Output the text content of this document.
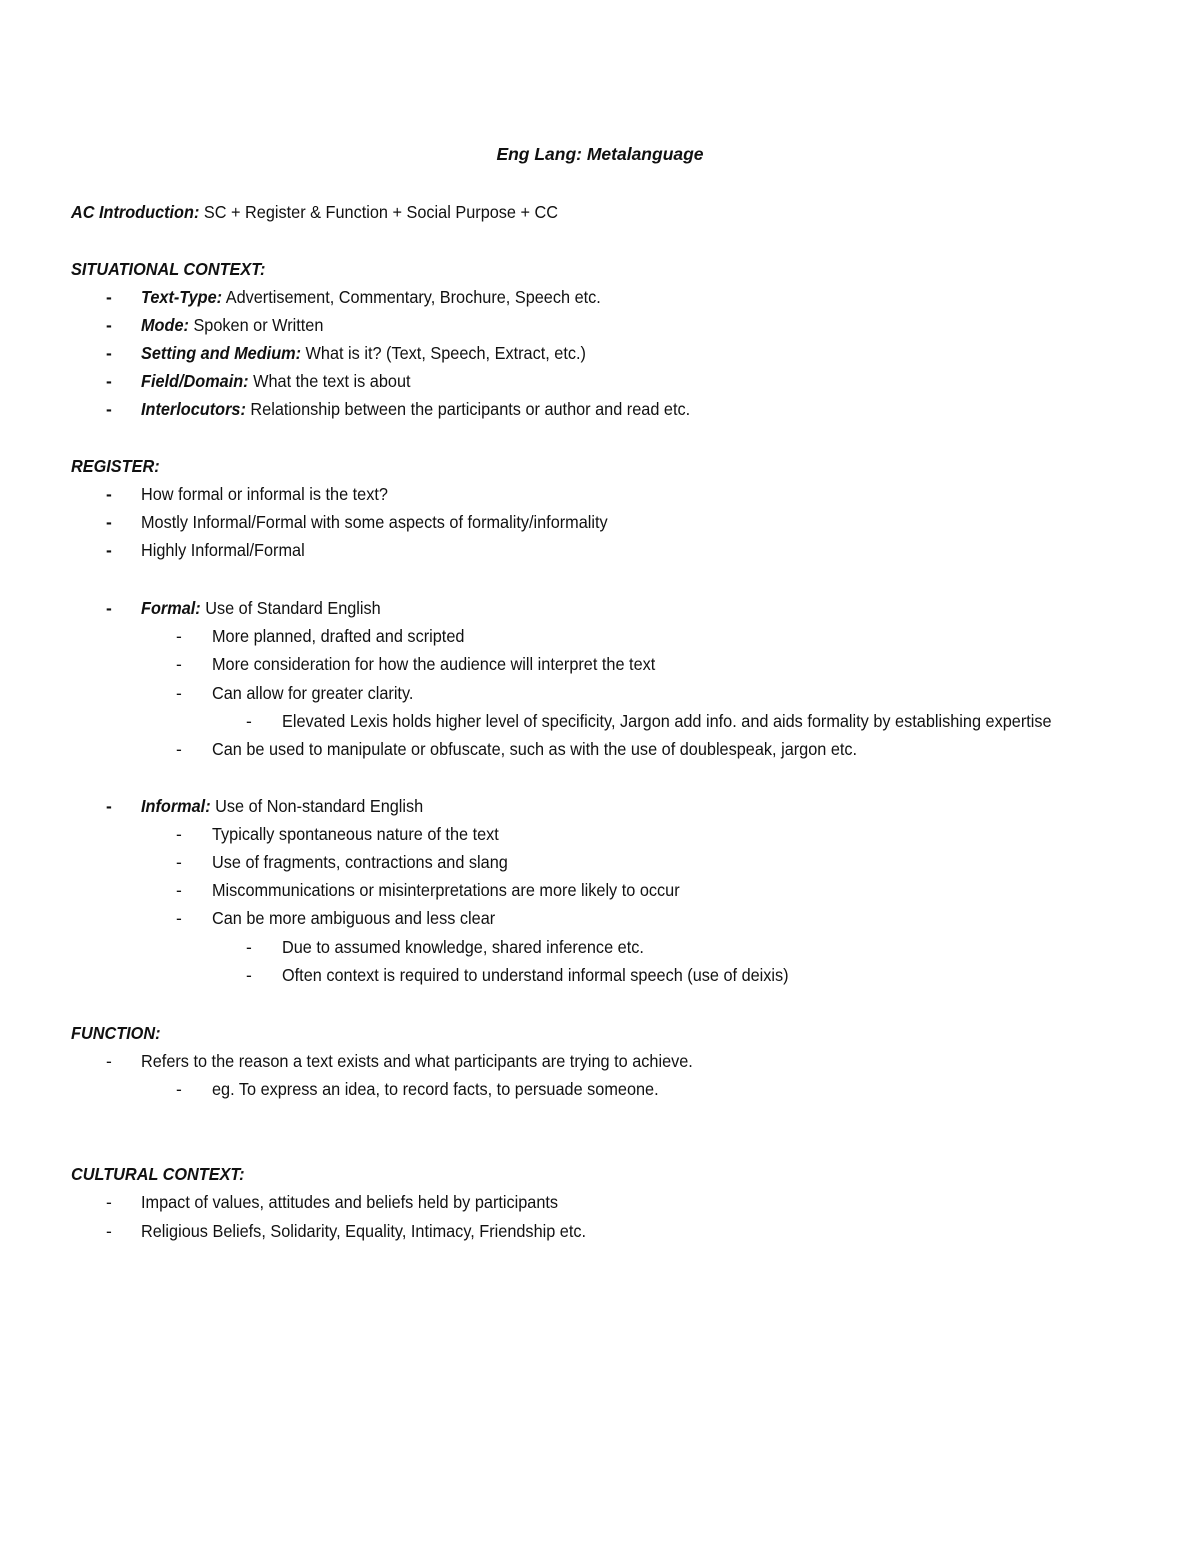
Eng Lang: Metalanguage
AC Introduction: SC + Register & Function + Social Purpose + CC
SITUATIONAL CONTEXT:
- Text-Type: Advertisement, Commentary, Brochure, Speech etc.
- Mode: Spoken or Written
- Setting and Medium: What is it? (Text, Speech, Extract, etc.)
- Field/Domain: What the text is about
- Interlocutors: Relationship between the participants or author and read etc.
REGISTER:
- How formal or informal is the text?
- Mostly Informal/Formal with some aspects of formality/informality
- Highly Informal/Formal
- Formal: Use of Standard English
- More planned, drafted and scripted
- More consideration for how the audience will interpret the text
- Can allow for greater clarity.
- Elevated Lexis holds higher level of specificity, Jargon add info. and aids formality by establishing expertise
- Can be used to manipulate or obfuscate, such as with the use of doublespeak, jargon etc.
- Informal: Use of Non-standard English
- Typically spontaneous nature of the text
- Use of fragments, contractions and slang
- Miscommunications or misinterpretations are more likely to occur
- Can be more ambiguous and less clear
- Due to assumed knowledge, shared inference etc.
- Often context is required to understand informal speech (use of deixis)
FUNCTION:
- Refers to the reason a text exists and what participants are trying to achieve.
- eg. To express an idea, to record facts, to persuade someone.
CULTURAL CONTEXT:
- Impact of values, attitudes and beliefs held by participants
- Religious Beliefs, Solidarity, Equality, Intimacy, Friendship etc.
